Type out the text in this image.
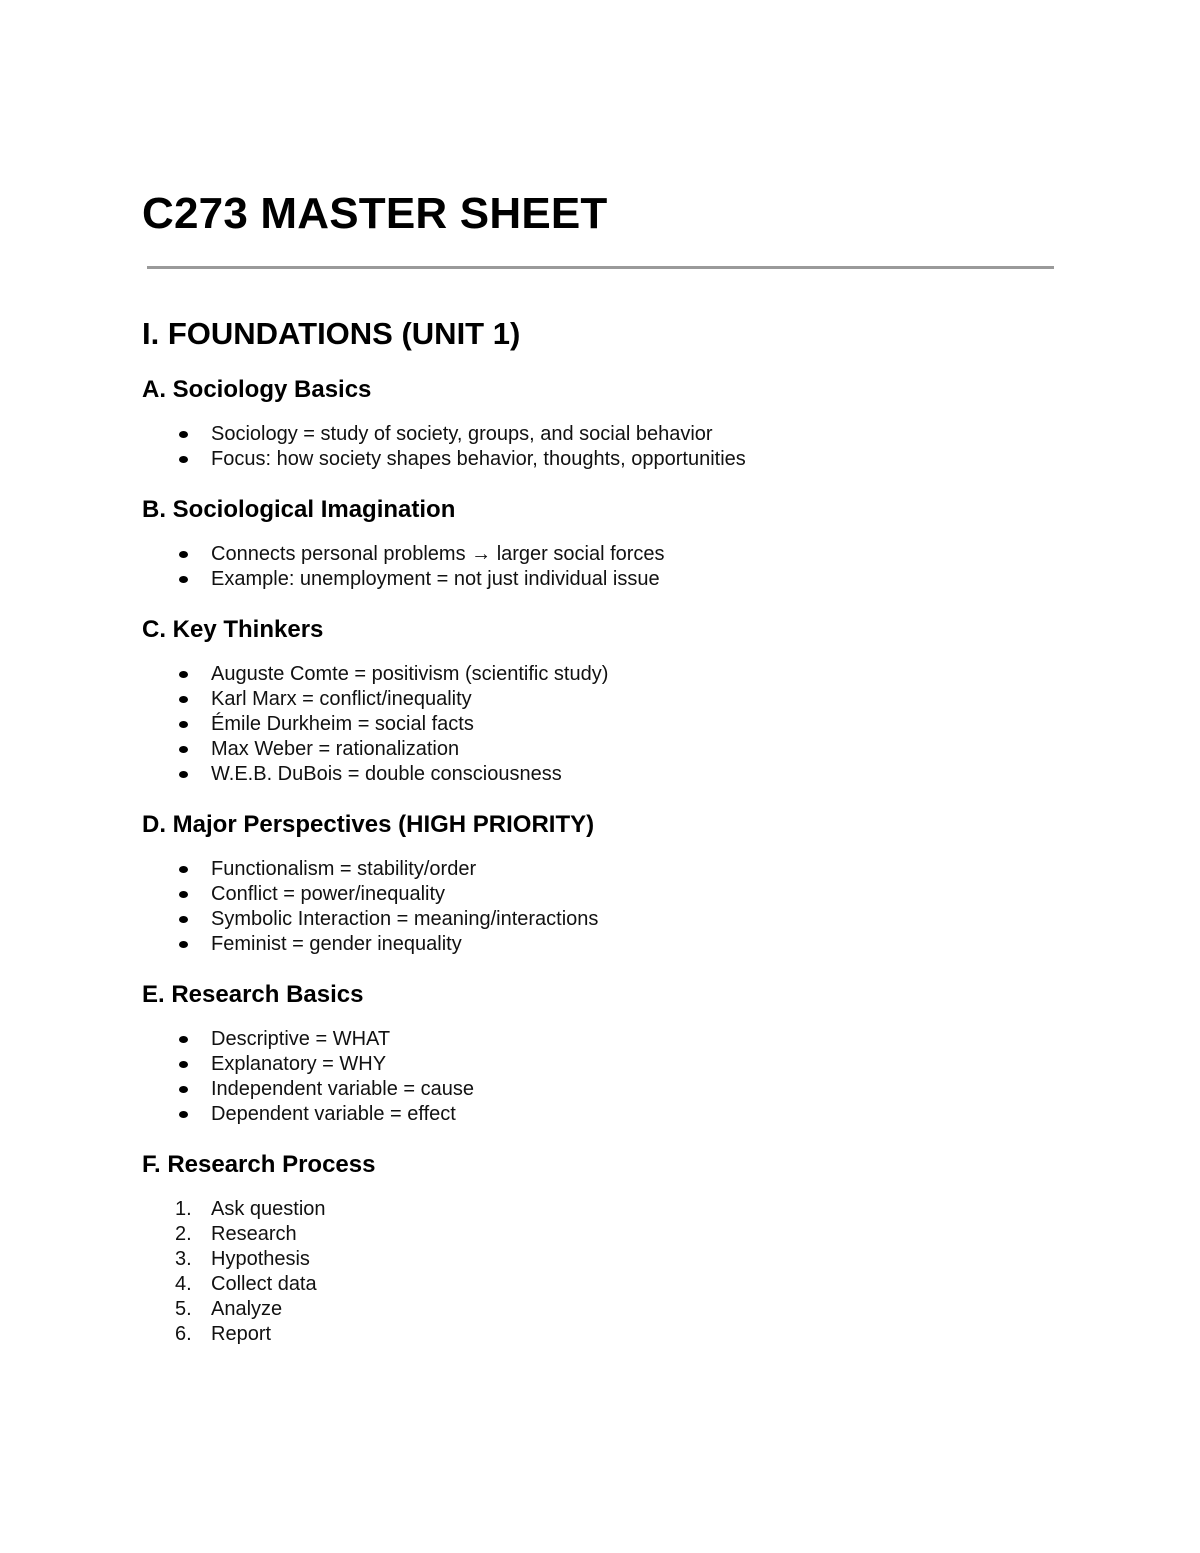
C273 MASTER SHEET
I. FOUNDATIONS (UNIT 1)
A. Sociology Basics
Sociology = study of society, groups, and social behavior
Focus: how society shapes behavior, thoughts, opportunities
B. Sociological Imagination
Connects personal problems → larger social forces
Example: unemployment = not just individual issue
C. Key Thinkers
Auguste Comte = positivism (scientific study)
Karl Marx = conflict/inequality
Émile Durkheim = social facts
Max Weber = rationalization
W.E.B. DuBois = double consciousness
D. Major Perspectives (HIGH PRIORITY)
Functionalism = stability/order
Conflict = power/inequality
Symbolic Interaction = meaning/interactions
Feminist = gender inequality
E. Research Basics
Descriptive = WHAT
Explanatory = WHY
Independent variable = cause
Dependent variable = effect
F. Research Process
1. Ask question
2. Research
3. Hypothesis
4. Collect data
5. Analyze
6. Report
